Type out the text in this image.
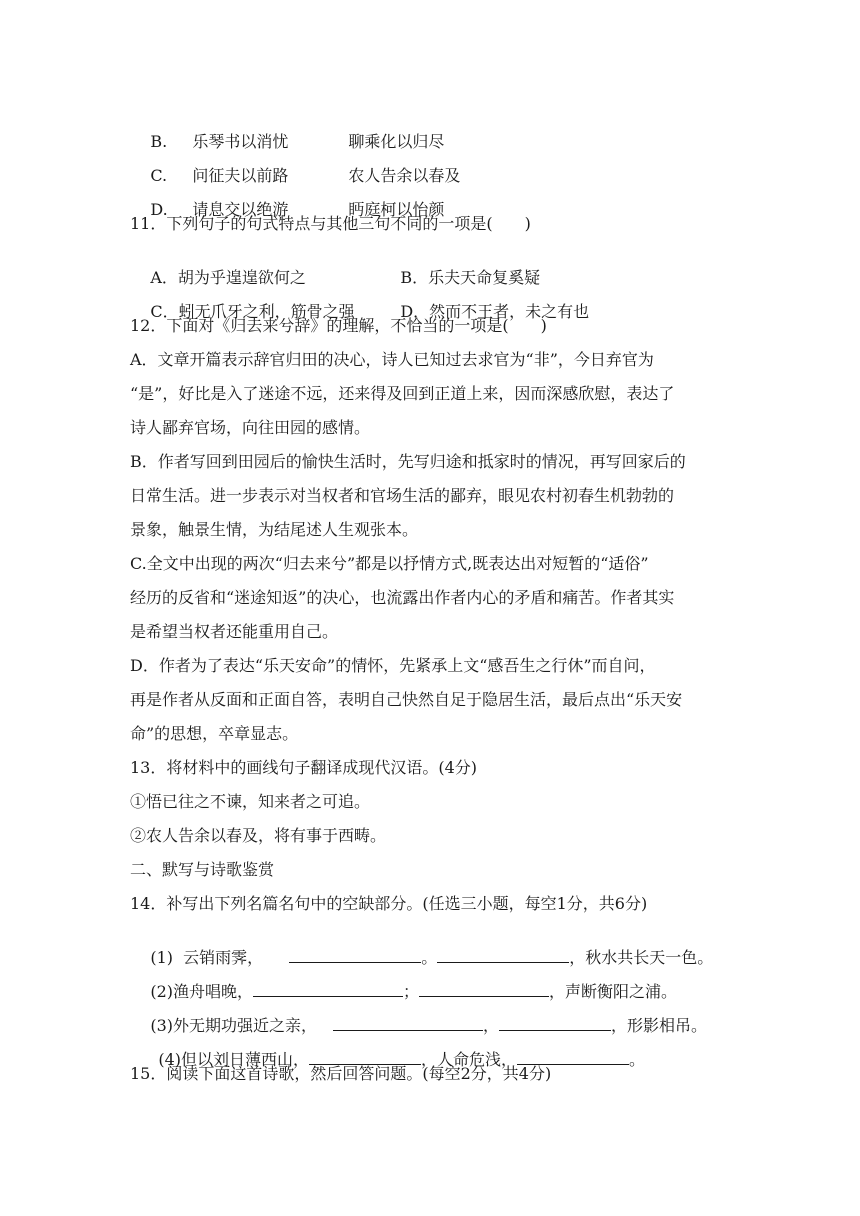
B. 乐琴书以消忧	聊乘化以归尽

C. 问征夫以前路	农人告余以春及

D. 请息交以绝游	眄庭柯以怡颜

11．下列句子的句式特点与其他三句不同的一项是(　　)

A．胡为乎遑遑欲何之	B．乐夫天命复奚疑

C．蚓无爪牙之利，筋骨之强	D．然而不王者，未之有也

12．下面对《归去来兮辞》的理解，不恰当的一项是(　　)
A．文章开篇表示辞官归田的决心，诗人已知过去求官为“非”，今日弃官为
“是”，好比是入了迷途不远，还来得及回到正道上来，因而深感欣慰，表达了
诗人鄙弃官场，向往田园的感情。
B．作者写回到田园后的愉快生活时，先写归途和抵家时的情况，再写回家后的
日常生活。进一步表示对当权者和官场生活的鄙弃，眼见农村初春生机勃勃的
景象，触景生情，为结尾述人生观张本。
C.全文中出现的两次“归去来兮”都是以抒情方式,既表达出对短暂的“适俗”
经历的反省和“迷途知返”的决心，也流露出作者内心的矛盾和痛苦。作者其实
是希望当权者还能重用自己。
D．作者为了表达“乐天安命”的情怀，先紧承上文“感吾生之行休”而自问，
再是作者从反面和正面自答，表明自己快然自足于隐居生活，最后点出“乐天安
命”的思想，卒章显志。
13．将材料中的画线句子翻译成现代汉语。(4分)
①悟已往之不谏，知来者之可追。
②农人告余以春及，将有事于西畴。
二、默写与诗歌鉴赏
14．补写出下列名篇名句中的空缺部分。(任选三小题，每空1分，共6分)

(1)  云销雨霁，	。	，秋水共长天一色。

(2)渔舟唱晚，	；	，声断衡阳之浦。

(3)外无期功强近之亲，	，	，形影相吊。

(4)但以刘日薄西山，	，人命危浅，	。

15．阅读下面这首诗歌，然后回答问题。(每空2分，共4分)
